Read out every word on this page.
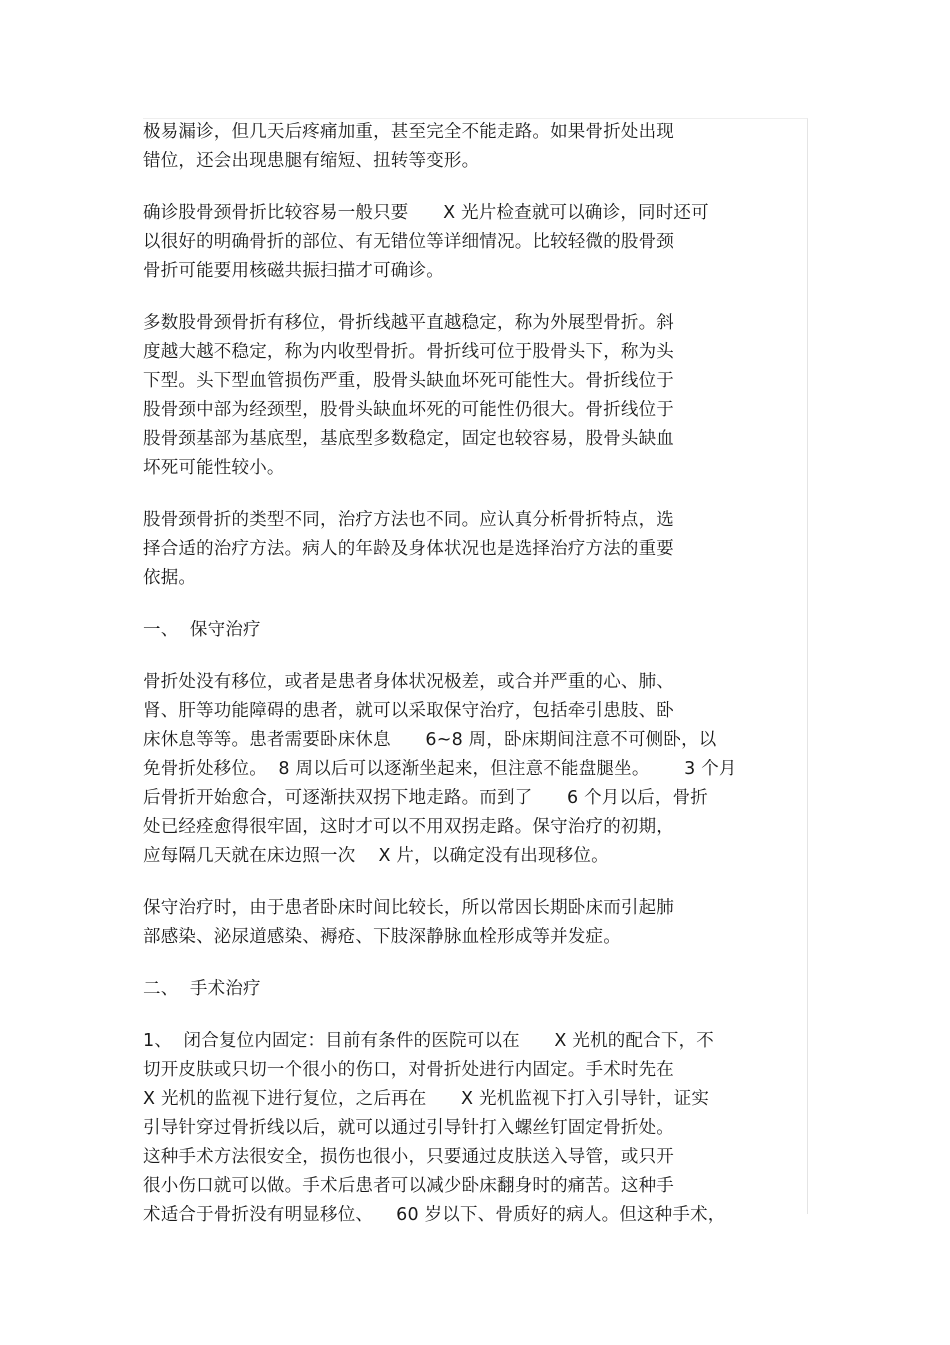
极易漏诊，但几天后疼痛加重，甚至完全不能走路。如果骨折处出现
错位，还会出现患腿有缩短、扭转等变形。
确诊股骨颈骨折比较容易一般只要      X 光片检查就可以确诊，同时还可
以很好的明确骨折的部位、有无错位等详细情况。比较轻微的股骨颈
骨折可能要用核磁共振扫描才可确诊。
多数股骨颈骨折有移位，骨折线越平直越稳定，称为外展型骨折。斜
度越大越不稳定，称为内收型骨折。骨折线可位于股骨头下，称为头
下型。头下型血管损伤严重，股骨头缺血坏死可能性大。骨折线位于
股骨颈中部为经颈型，股骨头缺血坏死的可能性仍很大。骨折线位于
股骨颈基部为基底型，基底型多数稳定，固定也较容易，股骨头缺血
坏死可能性较小。
股骨颈骨折的类型不同，治疗方法也不同。应认真分析骨折特点，选
择合适的治疗方法。病人的年龄及身体状况也是选择治疗方法的重要
依据。
一、  保守治疗
骨折处没有移位，或者是患者身体状况极差，或合并严重的心、肺、
肾、肝等功能障碍的患者，就可以采取保守治疗，包括牵引患肢、卧
床休息等等。患者需要卧床休息      6~8 周，卧床期间注意不可侧卧，以
免骨折处移位。  8 周以后可以逐渐坐起来，但注意不能盘腿坐。      3 个月
后骨折开始愈合，可逐渐扶双拐下地走路。而到了      6 个月以后，骨折
处已经痊愈得很牢固，这时才可以不用双拐走路。保守治疗的初期，
应每隔几天就在床边照一次    X 片，以确定没有出现移位。
保守治疗时，由于患者卧床时间比较长，所以常因长期卧床而引起肺
部感染、泌尿道感染、褥疮、下肢深静脉血栓形成等并发症。
二、  手术治疗
1、  闭合复位内固定：目前有条件的医院可以在      X 光机的配合下，不
切开皮肤或只切一个很小的伤口，对骨折处进行内固定。手术时先在
X 光机的监视下进行复位，之后再在      X 光机监视下打入引导针，证实
引导针穿过骨折线以后，就可以通过引导针打入螺丝钉固定骨折处。
这种手术方法很安全，损伤也很小，只要通过皮肤送入导管，或只开
很小伤口就可以做。手术后患者可以减少卧床翻身时的痛苦。这种手
术适合于骨折没有明显移位、    60 岁以下、骨质好的病人。但这种手术，
